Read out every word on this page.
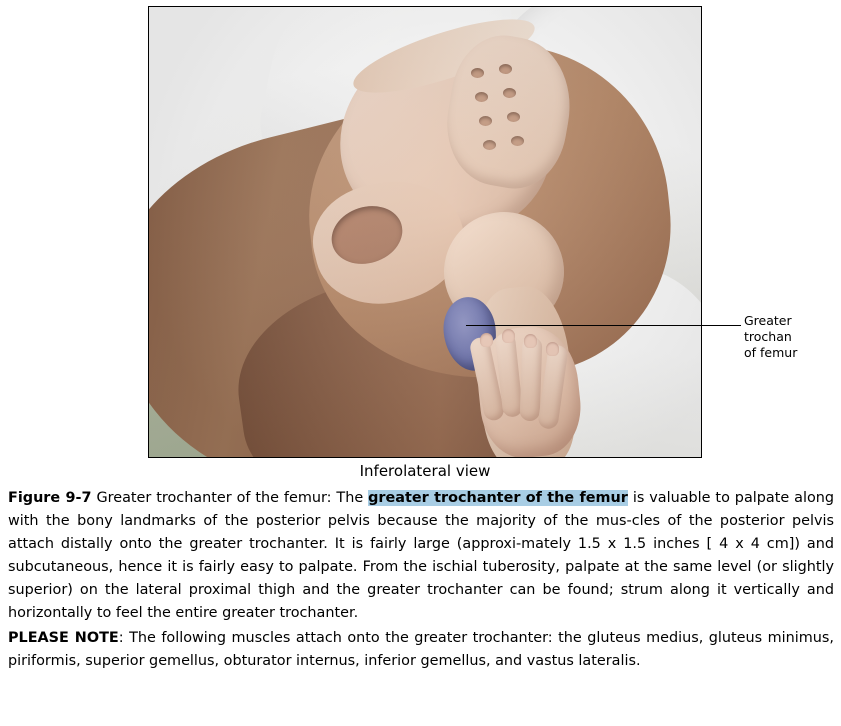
Greater trochan
of femur
Inferolateral view

Figure 9-7 Greater trochanter of the femur: The greater trochanter of the femur is valuable to palpate along with the bony landmarks of the posterior pelvis because the majority of the mus-cles of the posterior pelvis attach distally onto the greater trochanter. It is fairly large (approxi-mately 1.5 x 1.5 inches [ 4 x 4 cm]) and subcutaneous, hence it is fairly easy to palpate. From the ischial tuberosity, palpate at the same level (or slightly superior) on the lateral proximal thigh and the greater trochanter can be found; strum along it vertically and horizontally to feel the entire greater trochanter.

PLEASE NOTE: The following muscles attach onto the greater trochanter: the gluteus medius, gluteus minimus, piriformis, superior gemellus, obturator internus, inferior gemellus, and vastus lateralis.
